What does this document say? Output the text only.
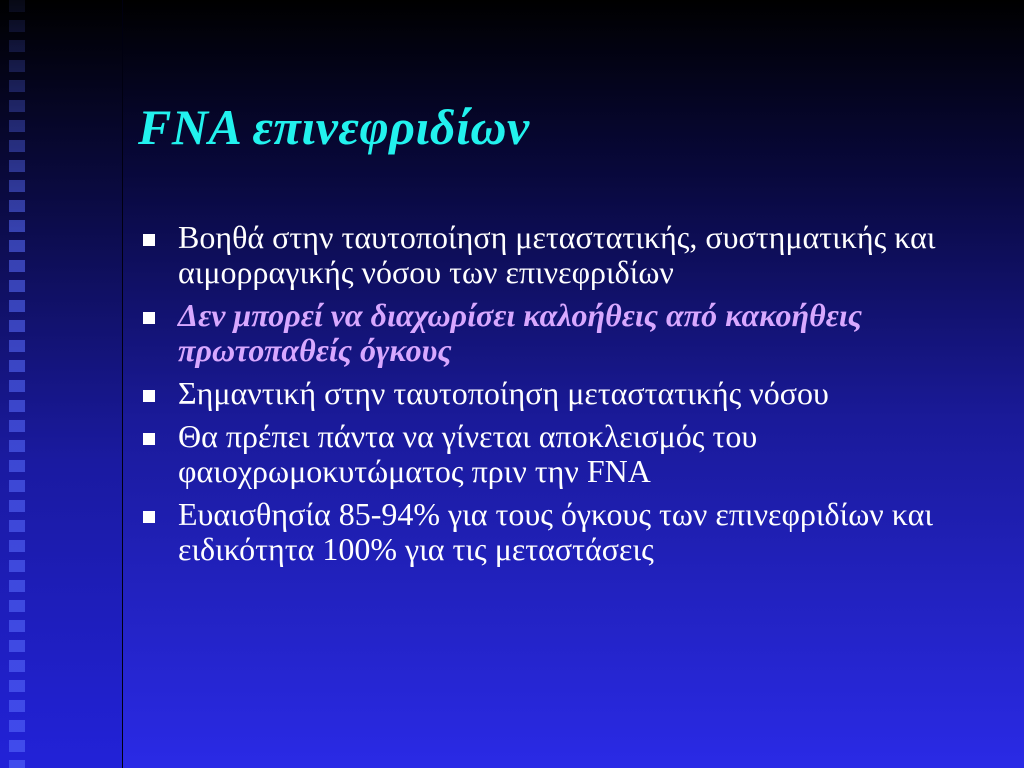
FNA επινεφριδίων
Βοηθά στην ταυτοποίηση μεταστατικής, συστηματικής και αιμορραγικής νόσου των επινεφριδίων
Δεν μπορεί να διαχωρίσει καλοήθεις από κακοήθεις πρωτοπαθείς όγκους
Σημαντική στην ταυτοποίηση μεταστατικής νόσου
Θα πρέπει πάντα να γίνεται αποκλεισμός του φαιοχρωμοκυτώματος πριν την FNA
Ευαισθησία 85-94% για τους όγκους των επινεφριδίων και ειδικότητα 100% για τις μεταστάσεις
